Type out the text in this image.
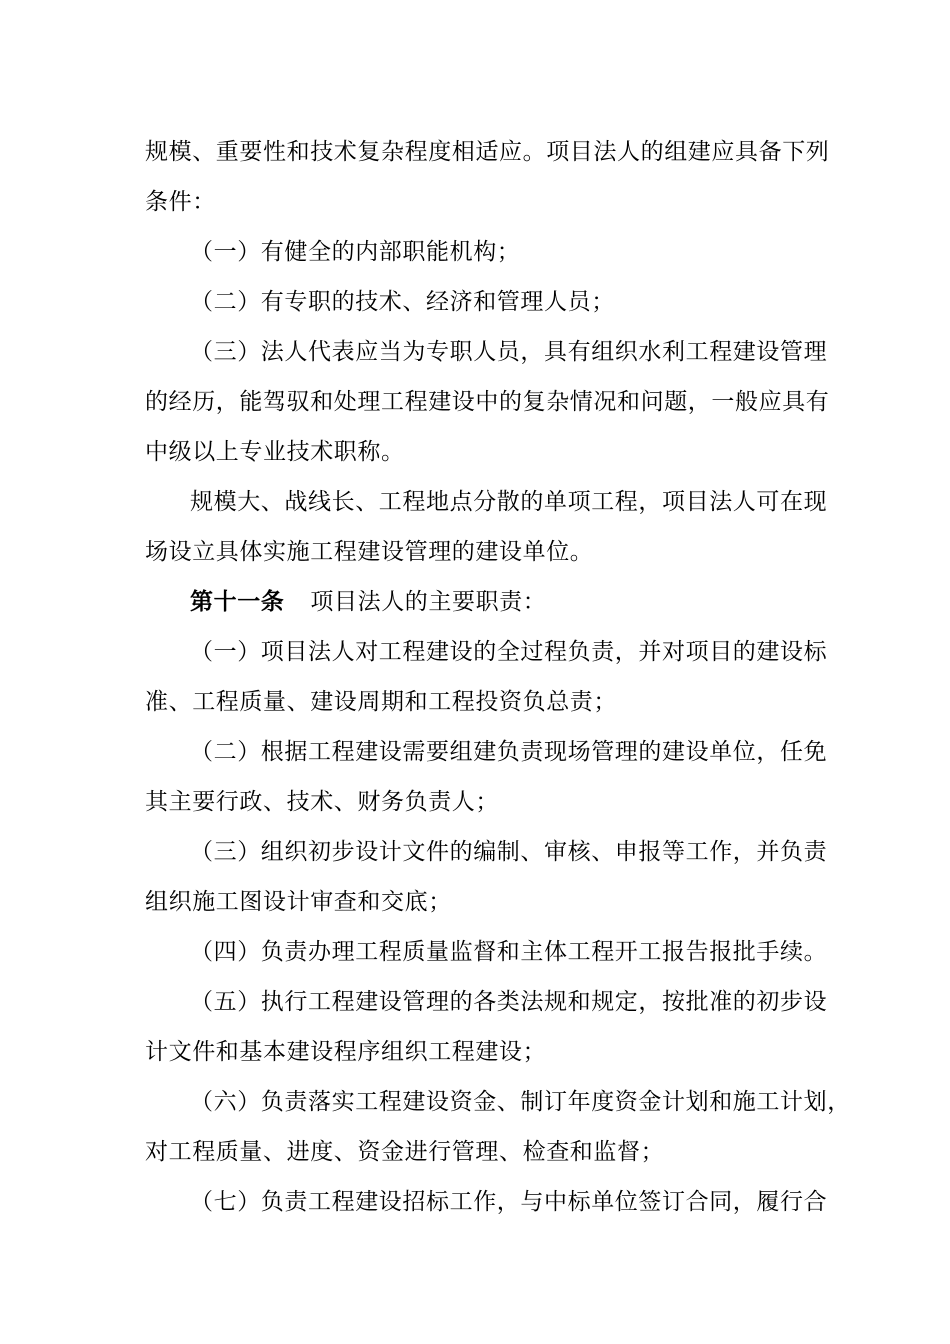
规模、重要性和技术复杂程度相适应。项目法人的组建应具备下列
条件：
（一）有健全的内部职能机构；
（二）有专职的技术、经济和管理人员；
（三）法人代表应当为专职人员，具有组织水利工程建设管理
的经历，能驾驭和处理工程建设中的复杂情况和问题，一般应具有
中级以上专业技术职称。
规模大、战线长、工程地点分散的单项工程，项目法人可在现
场设立具体实施工程建设管理的建设单位。
第十一条 项目法人的主要职责：
（一）项目法人对工程建设的全过程负责，并对项目的建设标
准、工程质量、建设周期和工程投资负总责；
（二）根据工程建设需要组建负责现场管理的建设单位，任免
其主要行政、技术、财务负责人；
（三）组织初步设计文件的编制、审核、申报等工作，并负责
组织施工图设计审查和交底；
（四）负责办理工程质量监督和主体工程开工报告报批手续。
（五）执行工程建设管理的各类法规和规定，按批准的初步设
计文件和基本建设程序组织工程建设；
（六）负责落实工程建设资金、制订年度资金计划和施工计划，
对工程质量、进度、资金进行管理、检查和监督；
（七）负责工程建设招标工作，与中标单位签订合同，履行合
